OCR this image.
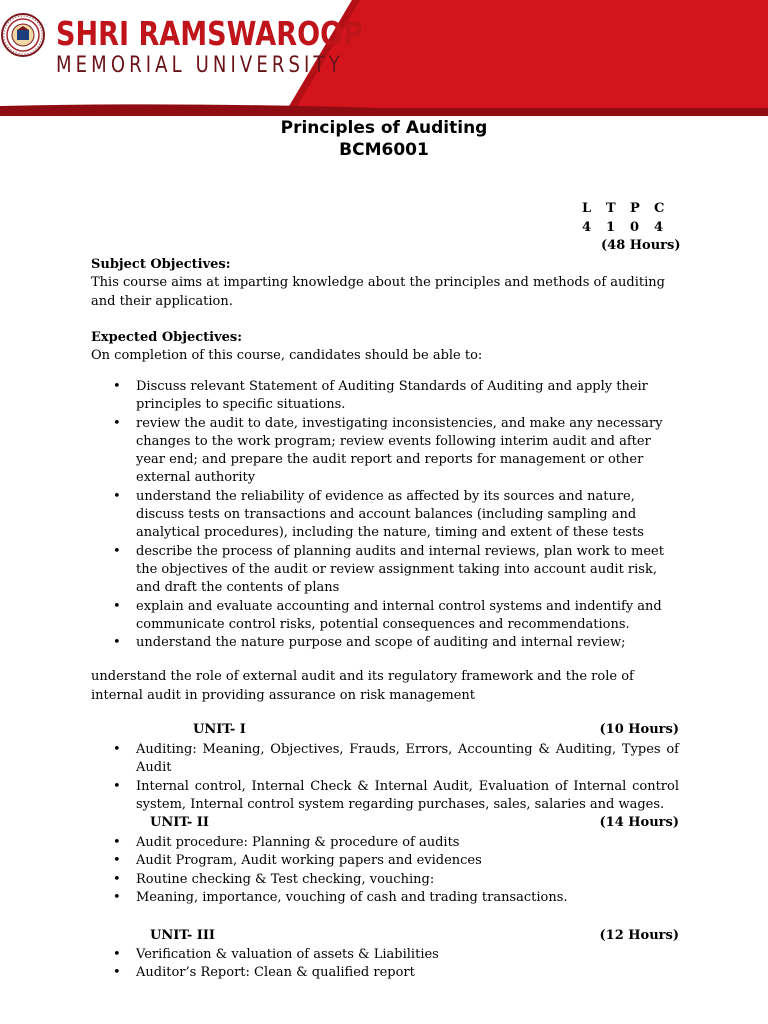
SHRI RAMSWAROOP
MEMORIAL UNIVERSITY
Principles of Auditing
BCM6001
L T P C
4 1 0 4
(48 Hours)
Subject Objectives:
This course aims at imparting knowledge about the principles and methods of auditing and their application.
Expected Objectives:
On completion of this course, candidates should be able to:
• Discuss relevant Statement of Auditing Standards of Auditing and apply their principles to specific situations.
• review the audit to date, investigating inconsistencies, and make any necessary changes to the work program; review events following interim audit and after year end; and prepare the audit report and reports for management or other external authority
• understand the reliability of evidence as affected by its sources and nature, discuss tests on transactions and account balances (including sampling and analytical procedures), including the nature, timing and extent of these tests
• describe the process of planning audits and internal reviews, plan work to meet the objectives of the audit or review assignment taking into account audit risk, and draft the contents of plans
• explain and evaluate accounting and internal control systems and indentify and communicate control risks, potential consequences and recommendations.
• understand the nature purpose and scope of auditing and internal review;
understand the role of external audit and its regulatory framework and the role of internal audit in providing assurance on risk management
UNIT- I	(10 Hours)
• Auditing: Meaning, Objectives, Frauds, Errors, Accounting & Auditing, Types of Audit
• Internal control, Internal Check & Internal Audit, Evaluation of Internal control system, Internal control system regarding purchases, sales, salaries and wages.
UNIT- II	(14 Hours)
• Audit procedure: Planning & procedure of audits
• Audit Program, Audit working papers and evidences
• Routine checking & Test checking, vouching:
• Meaning, importance, vouching of cash and trading transactions.
UNIT- III	(12 Hours)
• Verification & valuation of assets & Liabilities
• Auditor’s Report: Clean & qualified report
